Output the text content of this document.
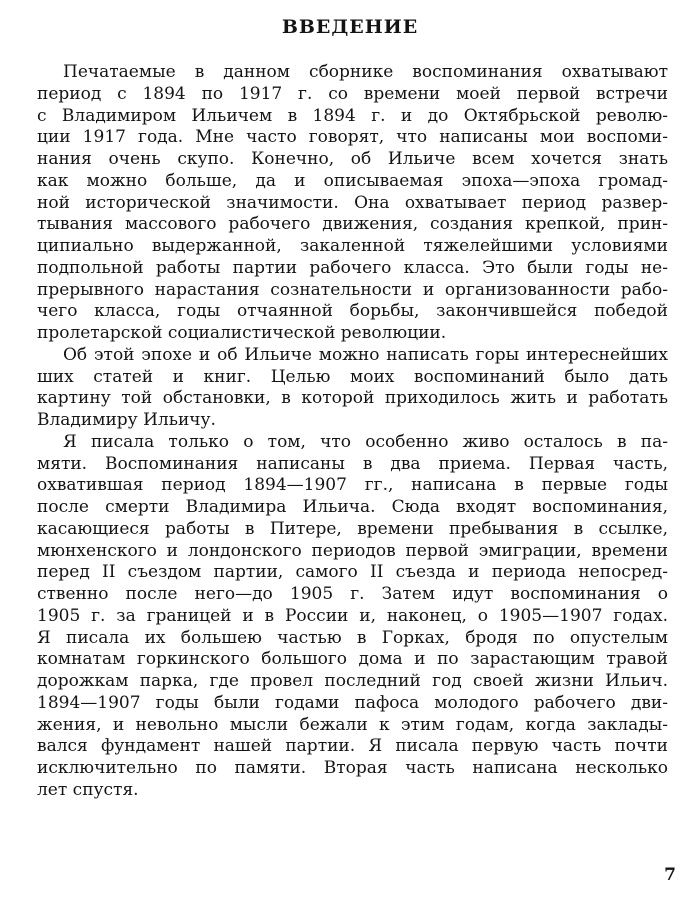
ВВЕДЕНИЕ
Печатаемые в данном сборнике воспоминания охватывают
период с 1894 по 1917 г. со времени моей первой встречи
с Владимиром Ильичем в 1894 г. и до Октябрьской револю-
ции 1917 года. Мне часто говорят, что написаны мои воспоми-
нания очень скупо. Конечно, об Ильиче всем хочется знать
как можно больше, да и описываемая эпоха—эпоха громад-
ной исторической значимости. Она охватывает период развер-
тывания массового рабочего движения, создания крепкой, прин-
ципиально выдержанной, закаленной тяжелейшими условиями
подпольной работы партии рабочего класса. Это были годы не-
прерывного нарастания сознательности и организованности рабо-
чего класса, годы отчаянной борьбы, закончившейся победой
пролетарской социалистической революции.
Об этой эпохе и об Ильиче можно написать горы интереснейших
ших статей и книг. Целью моих воспоминаний было дать
картину той обстановки, в которой приходилось жить и работать
Владимиру Ильичу.
Я писала только о том, что особенно живо осталось в па-
мяти. Воспоминания написаны в два приема. Первая часть,
охватившая период 1894—1907 гг., написана в первые годы
после смерти Владимира Ильича. Сюда входят воспоминания,
касающиеся работы в Питере, времени пребывания в ссылке,
мюнхенского и лондонского периодов первой эмиграции, времени
перед II съездом партии, самого II съезда и периода непосред-
ственно после него—до 1905 г. Затем идут воспоминания о
1905 г. за границей и в России и, наконец, о 1905—1907 годах.
Я писала их большею частью в Горках, бродя по опустелым
комнатам горкинского большого дома и по зарастающим травой
дорожкам парка, где провел последний год своей жизни Ильич.
1894—1907 годы были годами пафоса молодого рабочего дви-
жения, и невольно мысли бежали к этим годам, когда заклады-
вался фундамент нашей партии. Я писала первую часть почти
исключительно по памяти. Вторая часть написана несколько
лет спустя.
7
